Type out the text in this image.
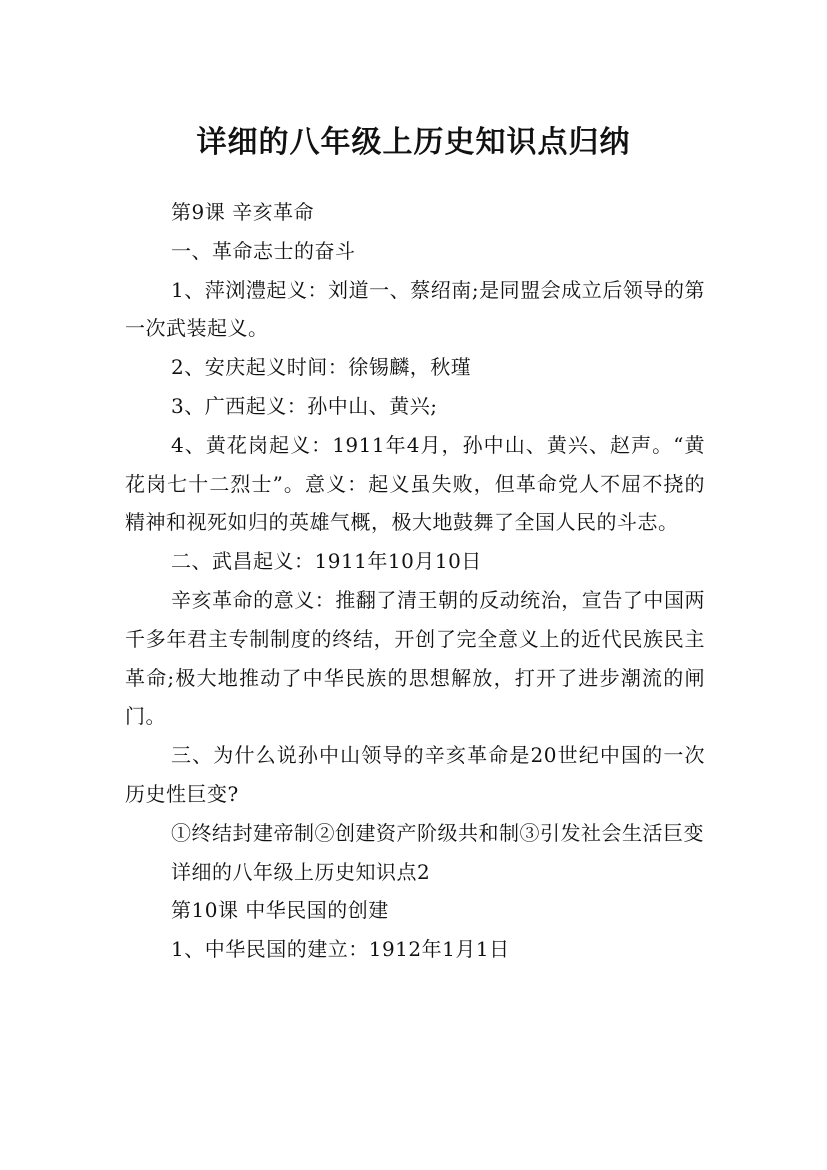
详细的八年级上历史知识点归纳

第9课 辛亥革命

一、革命志士的奋斗

1、萍浏澧起义：刘道一、蔡绍南;是同盟会成立后领导的第一次武装起义。

2、安庆起义时间：徐锡麟，秋瑾

3、广西起义：孙中山、黄兴;

4、黄花岗起义：1911年4月，孙中山、黄兴、赵声。“黄花岗七十二烈士”。意义：起义虽失败，但革命党人不屈不挠的精神和视死如归的英雄气概，极大地鼓舞了全国人民的斗志。

二、武昌起义：1911年10月10日

辛亥革命的意义：推翻了清王朝的反动统治，宣告了中国两千多年君主专制制度的终结，开创了完全意义上的近代民族民主革命;极大地推动了中华民族的思想解放，打开了进步潮流的闸门。

三、为什么说孙中山领导的辛亥革命是20世纪中国的一次历史性巨变?

①终结封建帝制②创建资产阶级共和制③引发社会生活巨变

详细的八年级上历史知识点2

第10课 中华民国的创建

1、中华民国的建立：1912年1月1日
